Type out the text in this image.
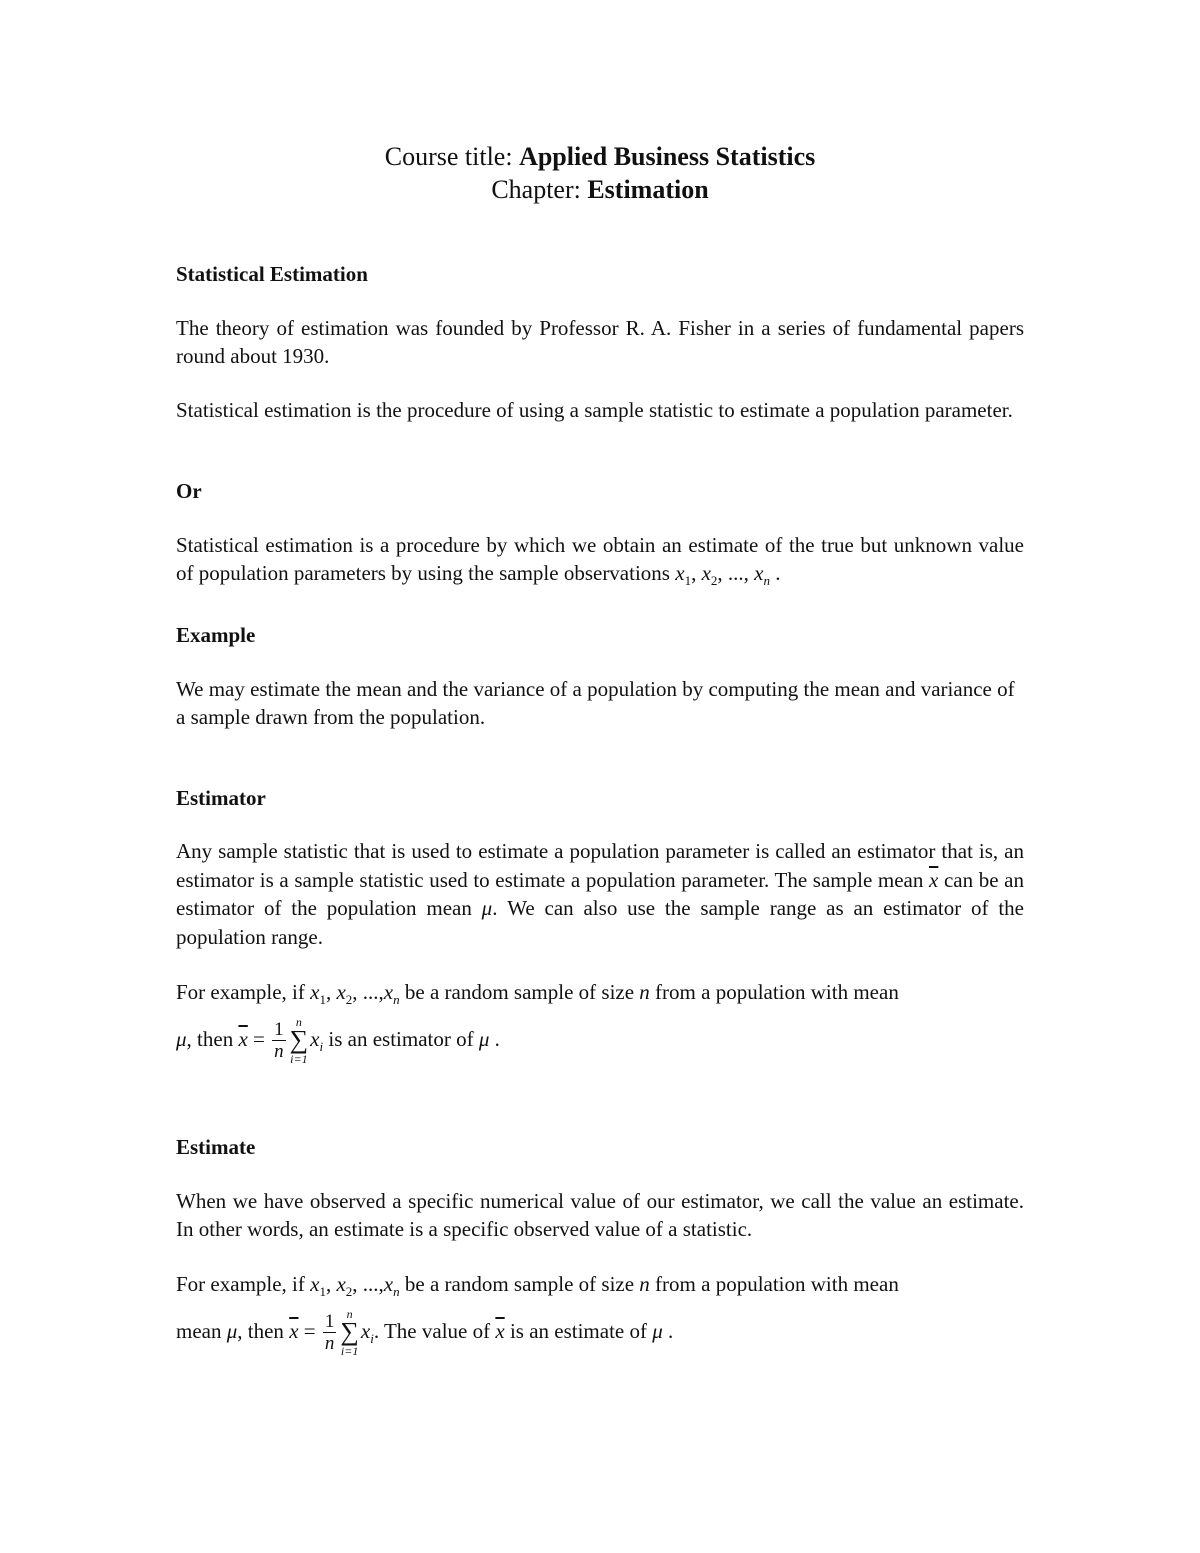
Course title: Applied Business Statistics
Chapter: Estimation
Statistical Estimation
The theory of estimation was founded by Professor R. A. Fisher in a series of fundamental papers round about 1930.
Statistical estimation is the procedure of using a sample statistic to estimate a population parameter.
Or
Statistical estimation is a procedure by which we obtain an estimate of the true but unknown value of population parameters by using the sample observations $x_1$, $x_2$, ..., $x_n$ .
Example
We may estimate the mean and the variance of a population by computing the mean and variance of a sample drawn from the population.
Estimator
Any sample statistic that is used to estimate a population parameter is called an estimator that is, an estimator is a sample statistic used to estimate a population parameter. The sample mean $\overline{x}$ can be an estimator of the population mean μ. We can also use the sample range as an estimator of the population range.
For example, if $x_1$, $x_2$, $...,x_n$ be a random sample of size n from a population with mean
μ, then $\overline{x} = \frac{1}{n}$ n
∑
i=1
$x_i$ is an estimator of μ .
Estimate
When we have observed a specific numerical value of our estimator, we call the value an estimate. In other words, an estimate is a specific observed value of a statistic.
For example, if $x_1$, $x_2$, $...,x_n$ be a random sample of size n from a population with mean
mean μ, then $\overline{x} = \frac{1}{n}$ n
∑
i=1
$x_i$. The value of $\overline{x}$ is an estimate of μ .
